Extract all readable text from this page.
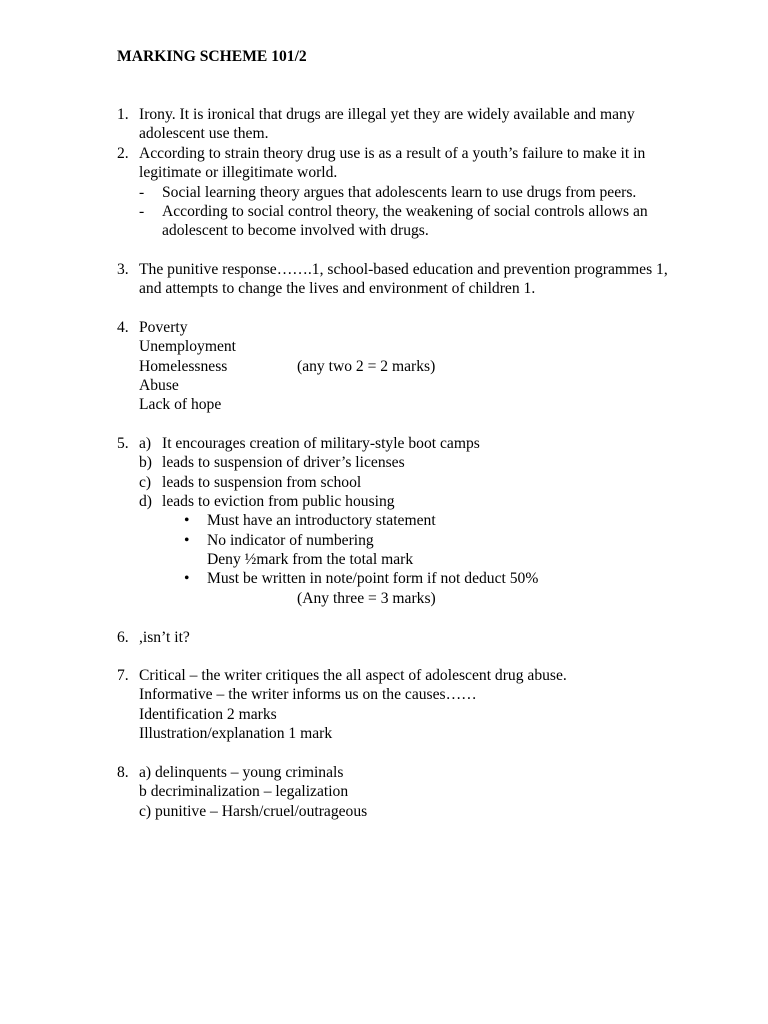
MARKING SCHEME 101/2
1. Irony. It is ironical that drugs are illegal yet they are widely available and many
adolescent use them.
2. According to strain theory drug use is as a result of a youth’s failure to make it in
legitimate or illegitimate world.
- Social learning theory argues that adolescents learn to use drugs from peers.
- According to social control theory, the weakening of social controls allows an
adolescent to become involved with drugs.
3. The punitive response…….1, school-based education and prevention programmes 1,
and attempts to change the lives and environment of children 1.
4. Poverty
Unemployment
Homelessness	(any two 2 = 2 marks)
Abuse
Lack of hope
5. a) It encourages creation of military-style boot camps
b) leads to suspension of driver’s licenses
c) leads to suspension from school
d) leads to eviction from public housing
• Must have an introductory statement
• No indicator of numbering
Deny ½mark from the total mark
• Must be written in note/point form if not deduct 50%
(Any three = 3 marks)
6. ,isn’t it?
7. Critical – the writer critiques the all aspect of adolescent drug abuse.
Informative – the writer informs us on the causes……
Identification 2 marks
Illustration/explanation 1 mark
8. a) delinquents – young criminals
b decriminalization – legalization
c) punitive – Harsh/cruel/outrageous
